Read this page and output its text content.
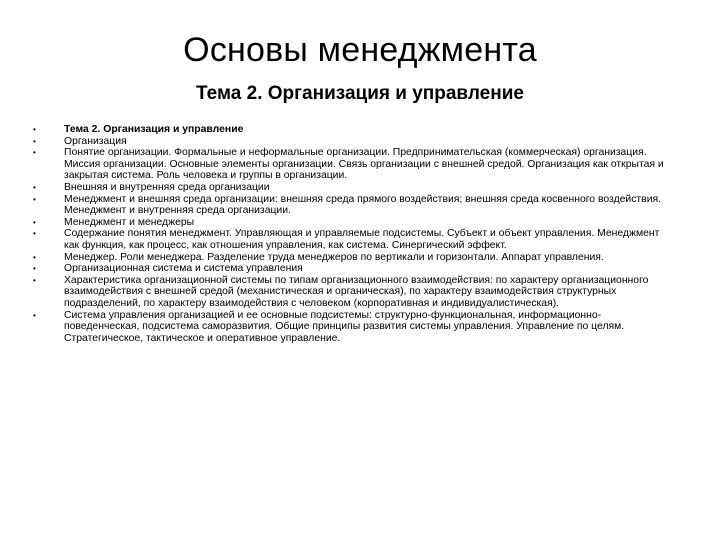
Основы менеджмента
Тема 2. Организация и управление
•	Тема 2. Организация и управление
•	Организация
•	Понятие организации. Формальные и неформальные организации. Предпринимательская (коммерческая) организация. Миссия организации. Основные элементы организации. Связь организации с внешней средой. Организация как открытая и закрытая система. Роль человека и группы в организации.
•	Внешняя и внутренняя среда организации
•	Менеджмент и внешняя среда организации: внешняя среда прямого воздействия; внешняя среда косвенного воздействия. Менеджмент и внутренняя среда организации.
•	Менеджмент и менеджеры
•	Содержание понятия менеджмент. Управляющая и управляемые подсистемы. Субъект и объект управления. Менеджмент как функция, как процесс, как отношения управления, как система. Синергический эффект.
•	Менеджер. Роли менеджера. Разделение труда менеджеров по вертикали и горизонтали. Аппарат управления.
•	Организационная система и система управления
•	Характеристика организационной системы по типам организационного взаимодействия: по характеру организационного взаимодействия с внешней средой (механистическая и органическая), по характеру взаимодействия структурных подразделений, по характеру взаимодействия с человеком (корпоративная и индивидуалистическая).
•	Система управления организацией и ее основные подсистемы: структурно-функциональная, информационно-поведенческая, подсистема саморазвития. Общие принципы развития системы управления. Управление по целям. Стратегическое, тактическое и оперативное управление.
